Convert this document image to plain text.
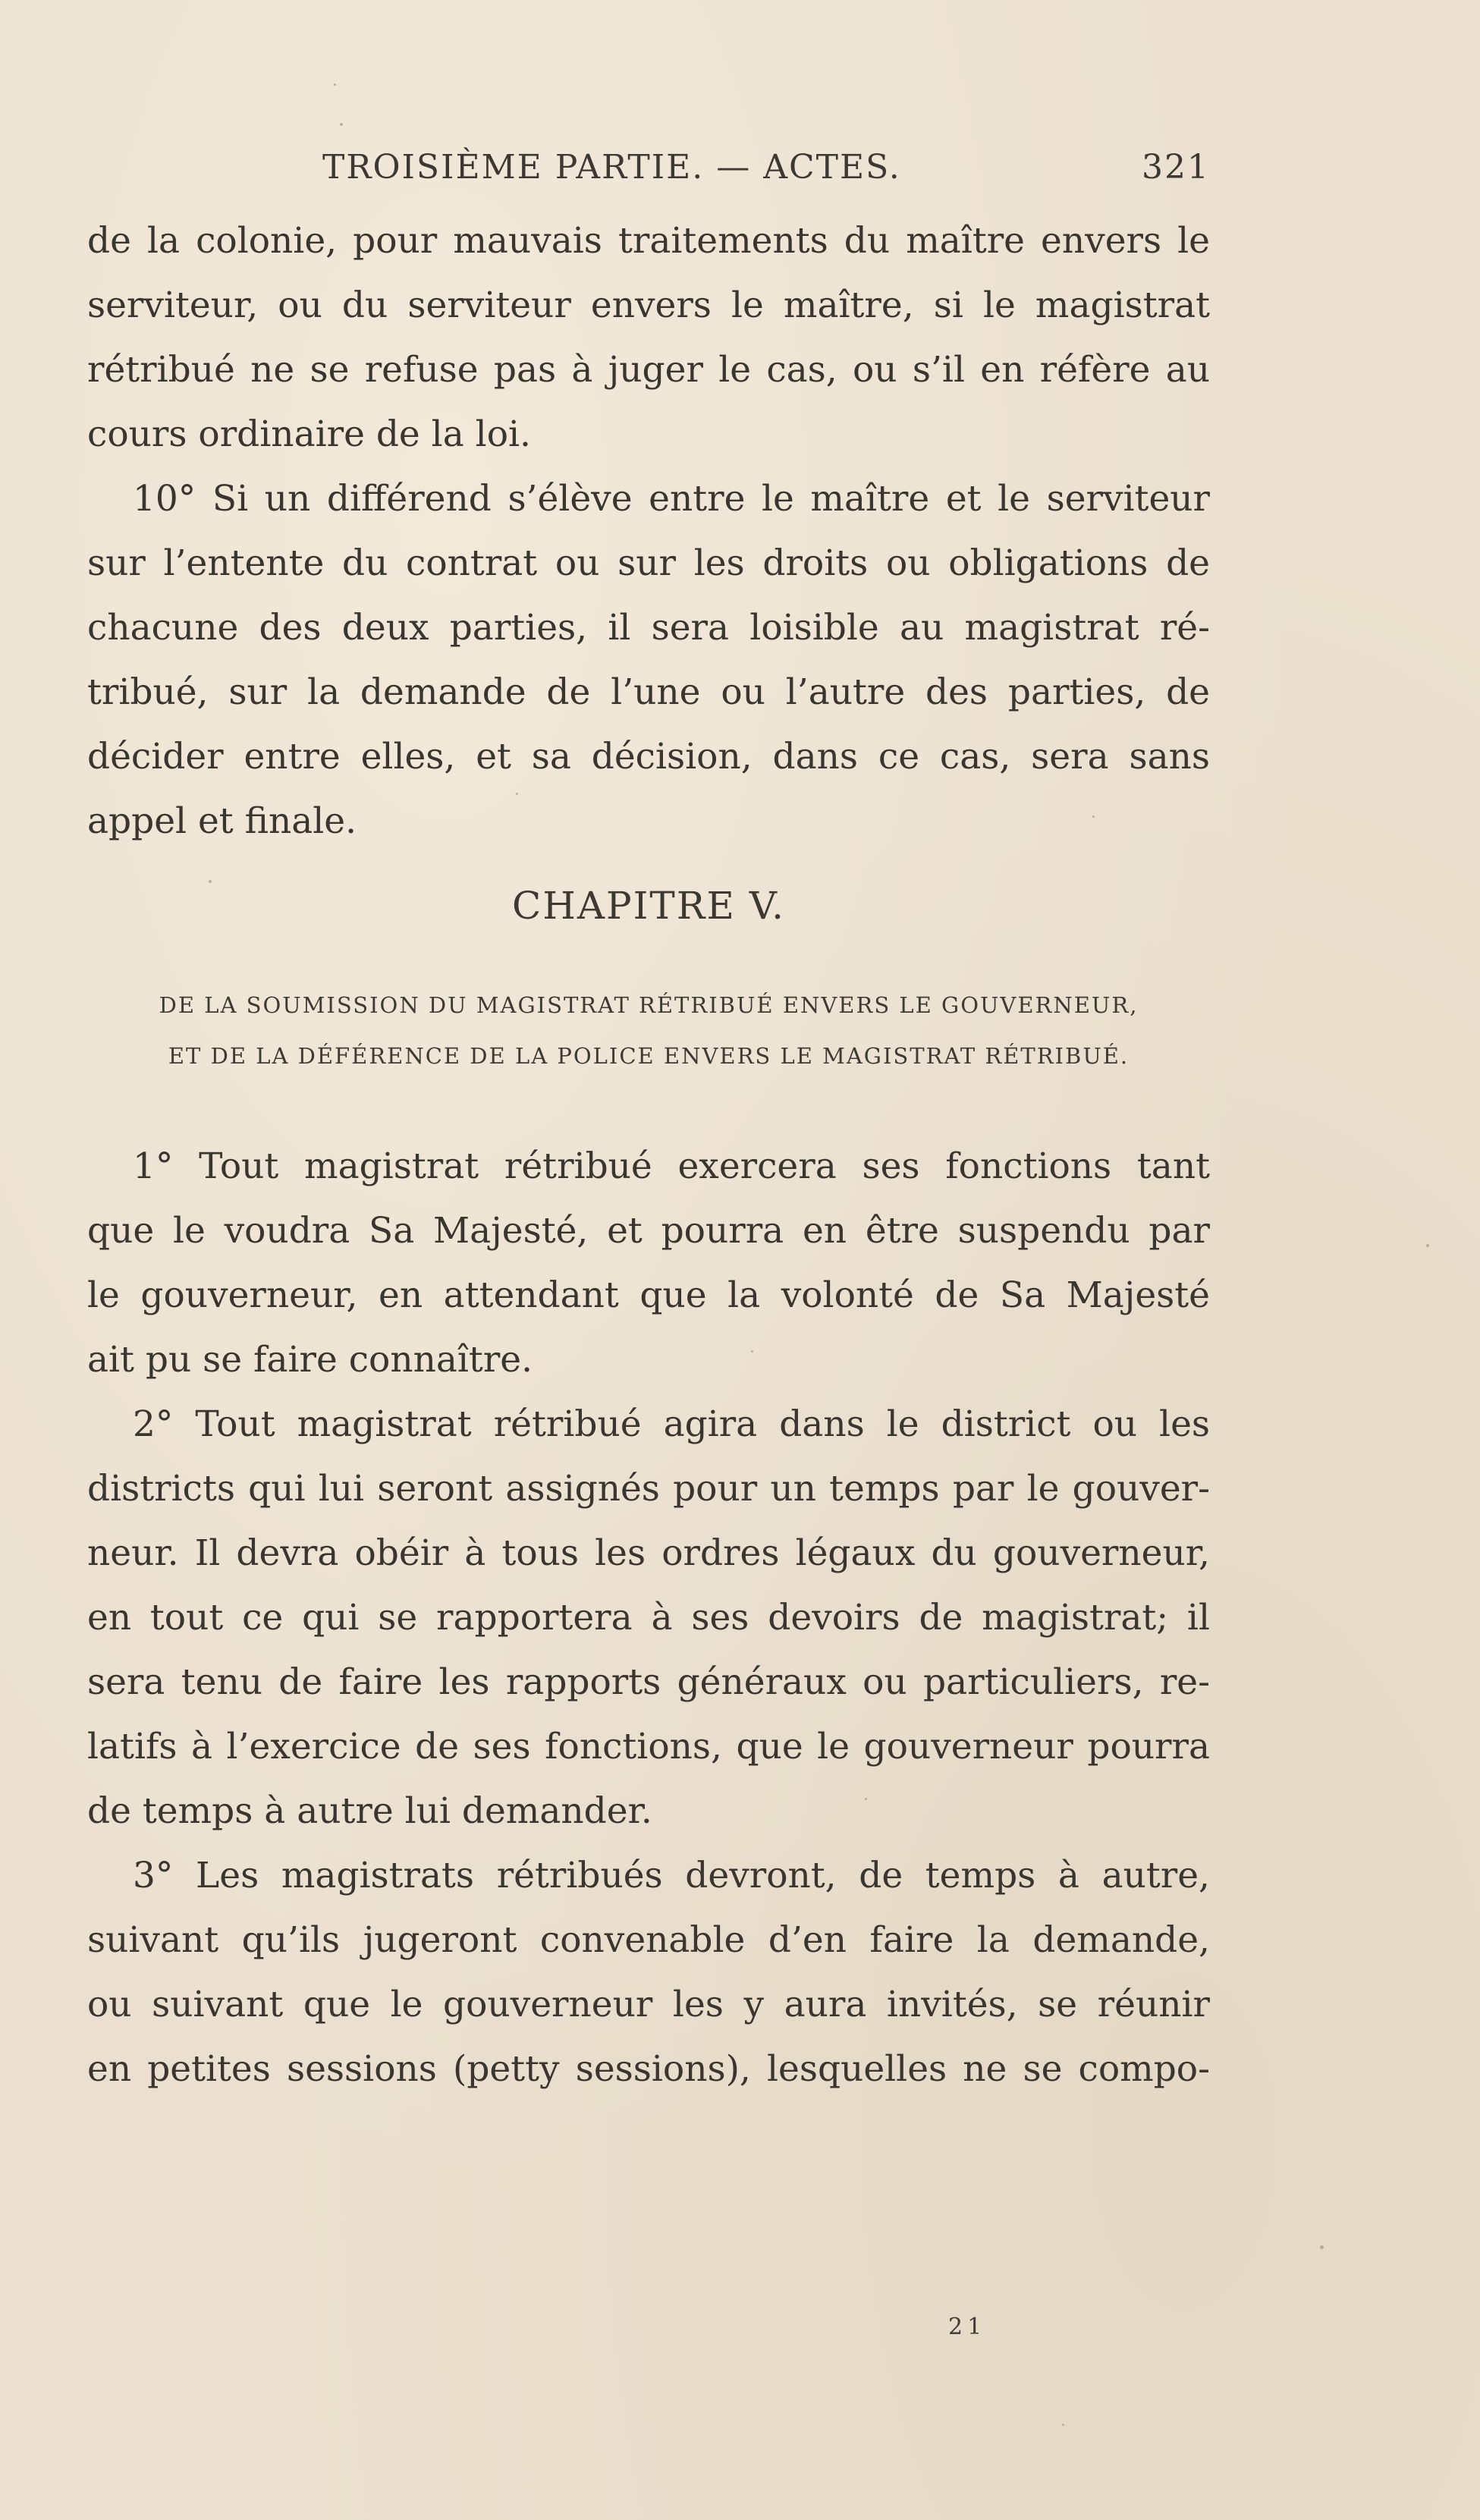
TROISIÈME PARTIE. — ACTES.	321
de la colonie, pour mauvais traitements du maître envers le
serviteur, ou du serviteur envers le maître, si le magistrat
rétribué ne se refuse pas à juger le cas, ou s’il en réfère au
cours ordinaire de la loi.
10° Si un différend s’élève entre le maître et le serviteur
sur l’entente du contrat ou sur les droits ou obligations de
chacune des deux parties, il sera loisible au magistrat ré-
tribué, sur la demande de l’une ou l’autre des parties, de
décider entre elles, et sa décision, dans ce cas, sera sans
appel et finale.
CHAPITRE V.
DE LA SOUMISSION DU MAGISTRAT RÉTRIBUÉ ENVERS LE GOUVERNEUR,
ET DE LA DÉFÉRENCE DE LA POLICE ENVERS LE MAGISTRAT RÉTRIBUÉ.
1° Tout magistrat rétribué exercera ses fonctions tant
que le voudra Sa Majesté, et pourra en être suspendu par
le gouverneur, en attendant que la volonté de Sa Majesté
ait pu se faire connaître.
2° Tout magistrat rétribué agira dans le district ou les
districts qui lui seront assignés pour un temps par le gouver-
neur. Il devra obéir à tous les ordres légaux du gouverneur,
en tout ce qui se rapportera à ses devoirs de magistrat; il
sera tenu de faire les rapports généraux ou particuliers, re-
latifs à l’exercice de ses fonctions, que le gouverneur pourra
de temps à autre lui demander.
3° Les magistrats rétribués devront, de temps à autre,
suivant qu’ils jugeront convenable d’en faire la demande,
ou suivant que le gouverneur les y aura invités, se réunir
en petites sessions (petty sessions), lesquelles ne se compo-
21
